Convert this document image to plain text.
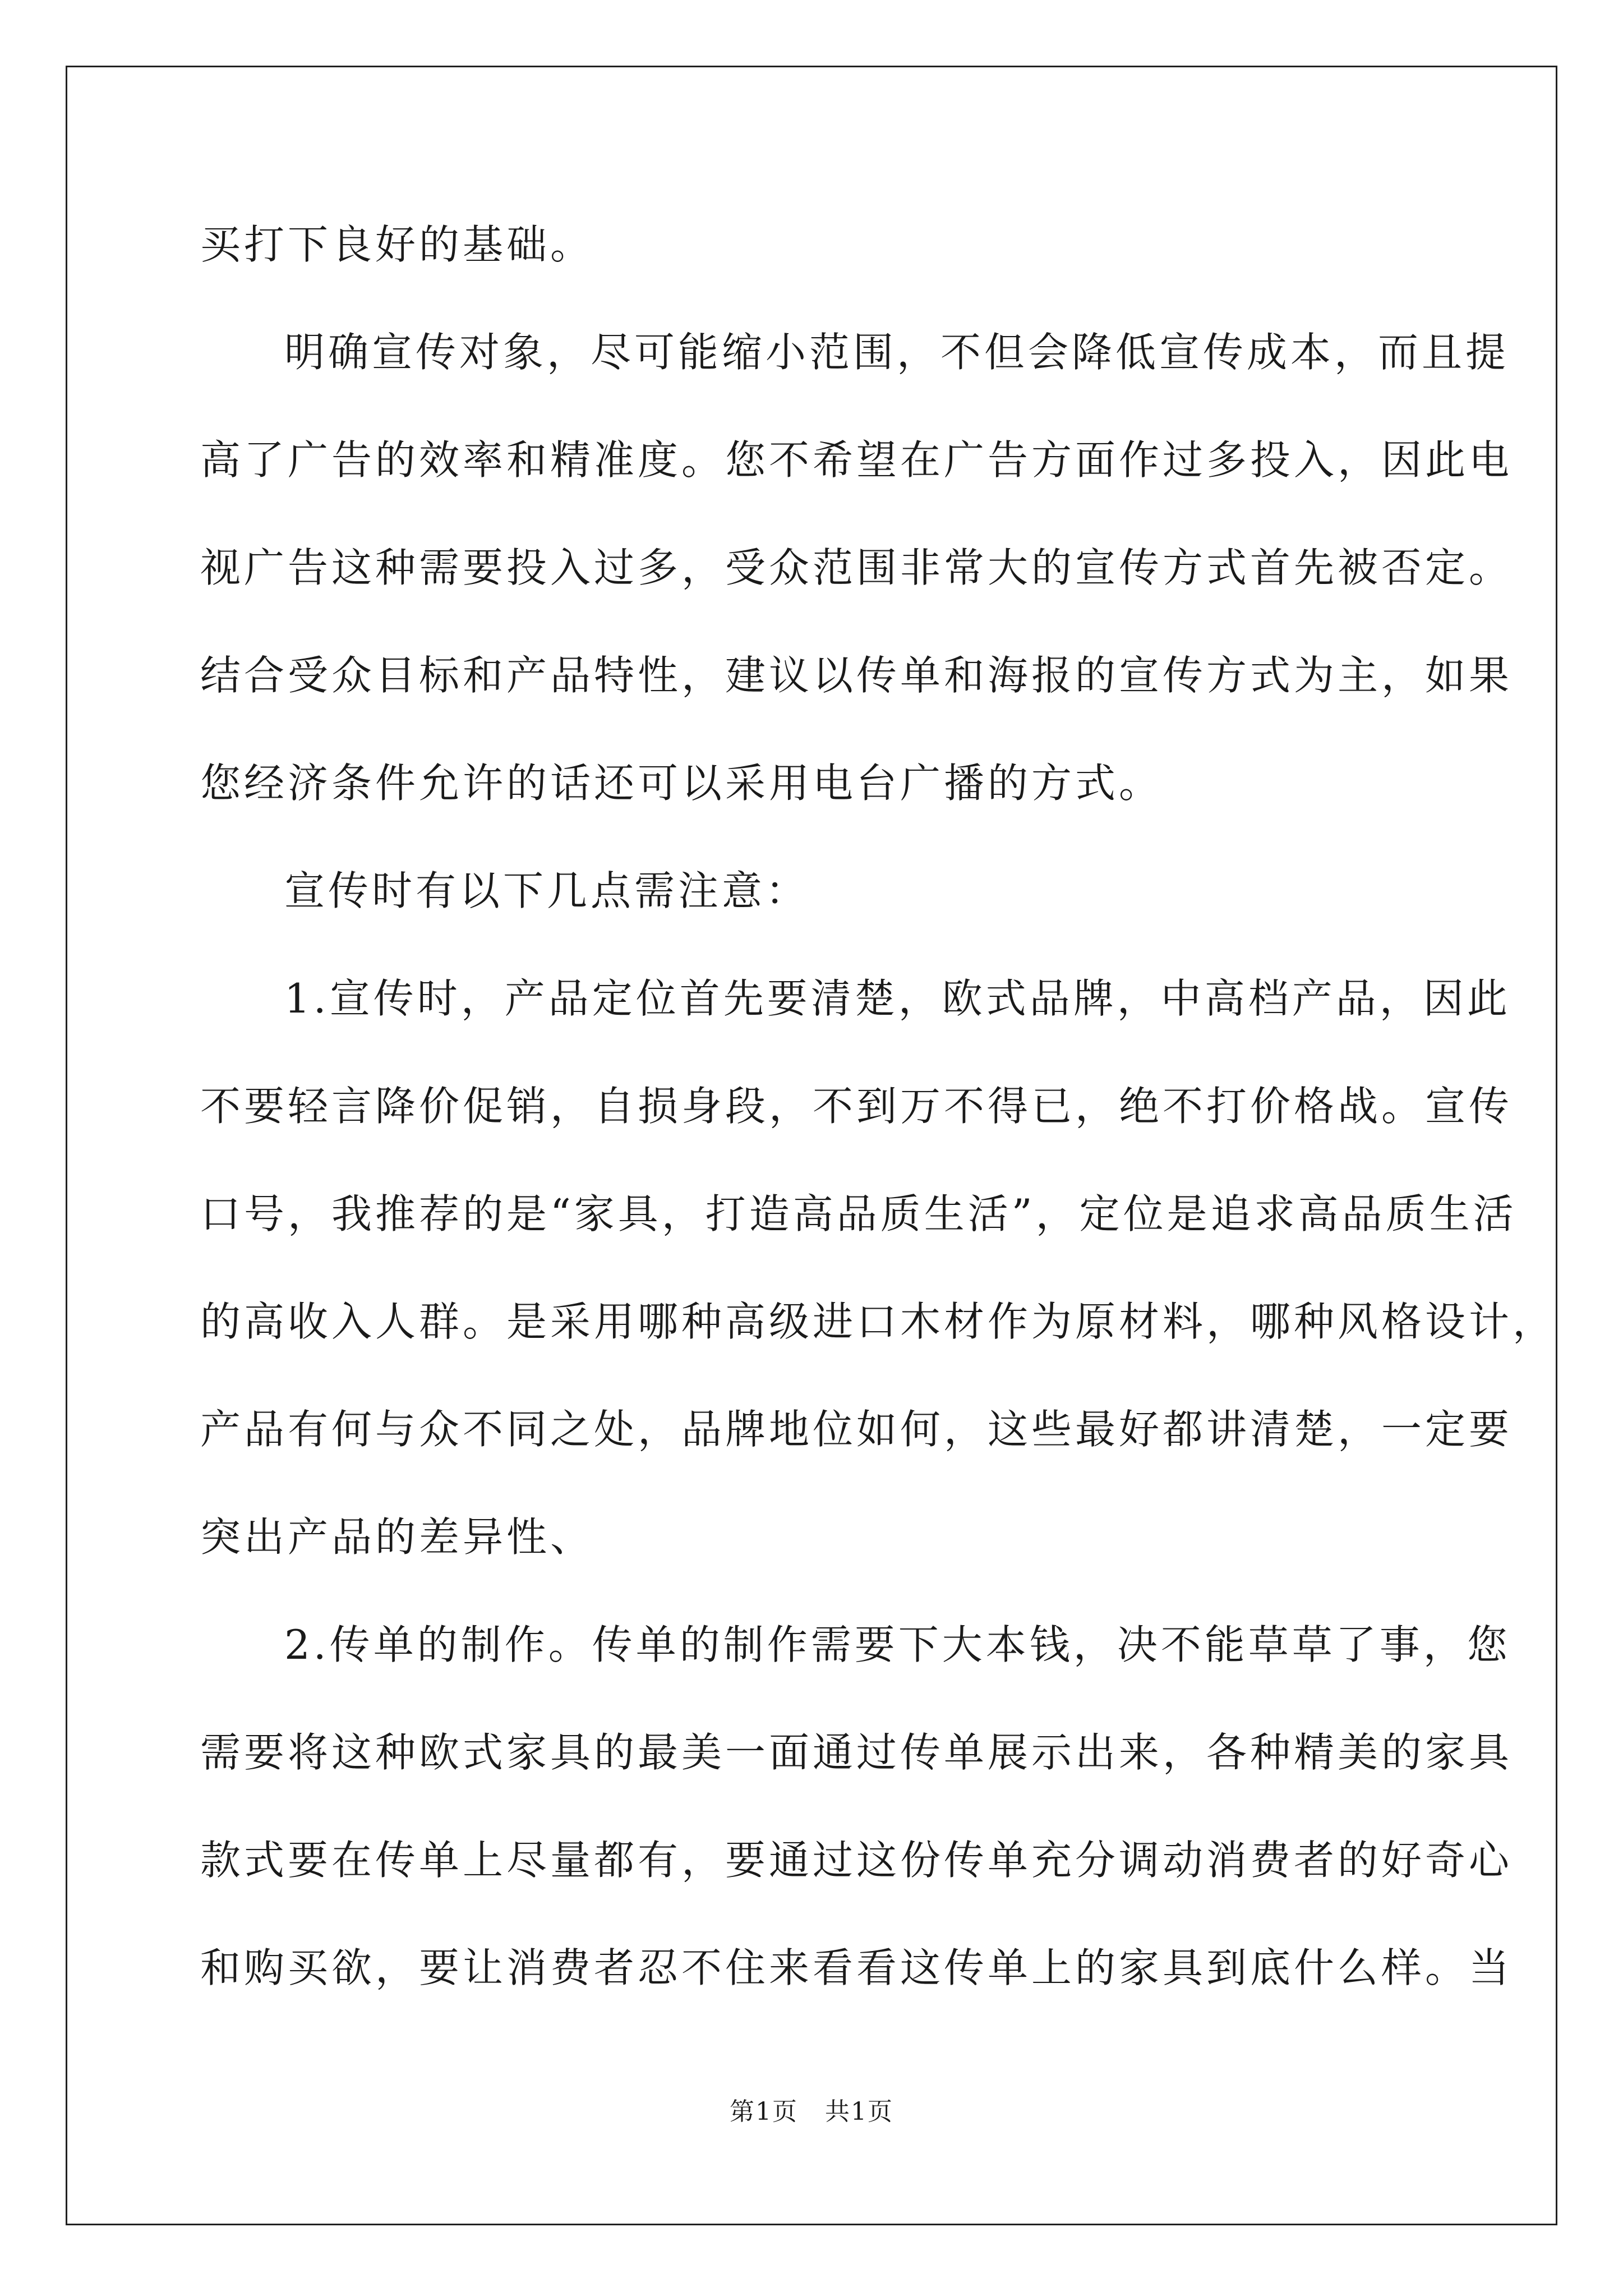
买打下良好的基础。
明确宣传对象，尽可能缩小范围，不但会降低宣传成本，而且提
高了广告的效率和精准度。您不希望在广告方面作过多投入，因此电
视广告这种需要投入过多，受众范围非常大的宣传方式首先被否定。
结合受众目标和产品特性，建议以传单和海报的宣传方式为主，如果
您经济条件允许的话还可以采用电台广播的方式。
宣传时有以下几点需注意：
1.宣传时，产品定位首先要清楚，欧式品牌，中高档产品，因此
不要轻言降价促销，自损身段，不到万不得已，绝不打价格战。宣传
口号，我推荐的是“家具，打造高品质生活”，定位是追求高品质生活
的高收入人群。是采用哪种高级进口木材作为原材料，哪种风格设计，
产品有何与众不同之处，品牌地位如何，这些最好都讲清楚，一定要
突出产品的差异性、
2.传单的制作。传单的制作需要下大本钱，决不能草草了事，您
需要将这种欧式家具的最美一面通过传单展示出来，各种精美的家具
款式要在传单上尽量都有，要通过这份传单充分调动消费者的好奇心
和购买欲，要让消费者忍不住来看看这传单上的家具到底什么样。当
第1页   共1页
